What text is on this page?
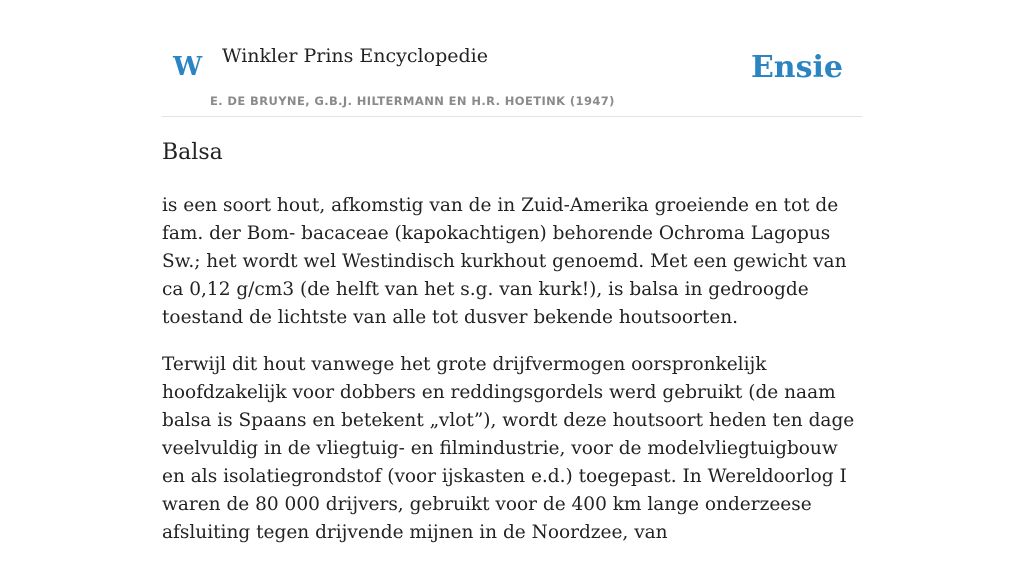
W Winkler Prins Encyclopedie
E. DE BRUYNE, G.B.J. HILTERMANN EN H.R. HOETINK (1947)
Ensie
Balsa

is een soort hout, afkomstig van de in Zuid-Amerika groeiende en tot de fam. der Bom- bacaceae (kapokachtigen) behorende Ochroma Lagopus Sw.; het wordt wel Westindisch kurkhout genoemd. Met een gewicht van ca 0,12 g/cm3 (de helft van het s.g. van kurk!), is balsa in gedroogde toestand de lichtste van alle tot dusver bekende houtsoorten.

Terwijl dit hout vanwege het grote drijfvermogen oorspronkelijk hoofdzakelijk voor dobbers en reddingsgordels werd gebruikt (de naam balsa is Spaans en betekent „vlot”), wordt deze houtsoort heden ten dage veelvuldig in de vliegtuig- en filmindustrie, voor de modelvliegtuigbouw en als isolatiegrondstof (voor ijskasten e.d.) toegepast. In Wereldoorlog I waren de 80 000 drijvers, gebruikt voor de 400 km lange onderzeese afsluiting tegen drijvende mijnen in de Noordzee, van
